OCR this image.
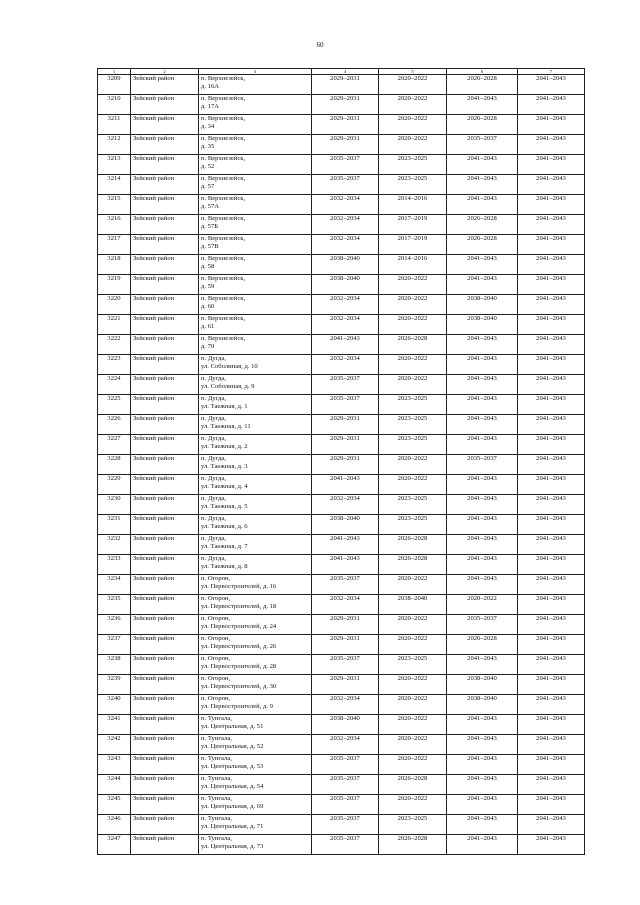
60
1	2	3	4	5	6	7
3209	Зейский район	п. Верхнезейск,
д. 16А	2029–2031	2020–2022	2026–2028	2041–2043
3210	Зейский район	п. Верхнезейск,
д. 17А	2029–2031	2020–2022	2041–2043	2041–2043
3211	Зейский район	п. Верхнезейск,
д. 34	2029–2031	2020–2022	2026–2028	2041–2043
3212	Зейский район	п. Верхнезейск,
д. 35	2029–2031	2020–2022	2035–2037	2041–2043
3213	Зейский район	п. Верхнезейск,
д. 52	2035–2037	2023–2025	2041–2043	2041–2043
3214	Зейский район	п. Верхнезейск,
д. 57	2035–2037	2023–2025	2041–2043	2041–2043
3215	Зейский район	п. Верхнезейск,
д. 57А	2032–2034	2014–2016	2041–2043	2041–2043
3216	Зейский район	п. Верхнезейск,
д. 57Б	2032–2034	2017–2019	2026–2028	2041–2043
3217	Зейский район	п. Верхнезейск,
д. 57В	2032–2034	2017–2019	2026–2028	2041–2043
3218	Зейский район	п. Верхнезейск,
д. 58	2038–2040	2014–2016	2041–2043	2041–2043
3219	Зейский район	п. Верхнезейск,
д. 59	2038–2040	2020–2022	2041–2043	2041–2043
3220	Зейский район	п. Верхнезейск,
д. 60	2032–2034	2020–2022	2038–2040	2041–2043
3221	Зейский район	п. Верхнезейск,
д. 61	2032–2034	2020–2022	2038–2040	2041–2043
3222	Зейский район	п. Верхнезейск,
д. 70	2041–2043	2026–2028	2041–2043	2041–2043
3223	Зейский район	п. Дугда,
ул. Соболиная, д. 10	2032–2034	2020–2022	2041–2043	2041–2043
3224	Зейский район	п. Дугда,
ул. Соболиная, д. 9	2035–2037	2020–2022	2041–2043	2041–2043
3225	Зейский район	п. Дугда,
ул. Таежная, д. 1	2035–2037	2023–2025	2041–2043	2041–2043
3226	Зейский район	п. Дугда,
ул. Таежная, д. 11	2029–2031	2023–2025	2041–2043	2041–2043
3227	Зейский район	п. Дугда,
ул. Таежная, д. 2	2029–2031	2023–2025	2041–2043	2041–2043
3228	Зейский район	п. Дугда,
ул. Таежная, д. 3	2029–2031	2020–2022	2035–2037	2041–2043
3229	Зейский район	п. Дугда,
ул. Таежная, д. 4	2041–2043	2020–2022	2041–2043	2041–2043
3230	Зейский район	п. Дугда,
ул. Таежная, д. 5	2032–2034	2023–2025	2041–2043	2041–2043
3231	Зейский район	п. Дугда,
ул. Таежная, д. 6	2038–2040	2023–2025	2041–2043	2041–2043
3232	Зейский район	п. Дугда,
ул. Таежная, д. 7	2041–2043	2026–2028	2041–2043	2041–2043
3233	Зейский район	п. Дугда,
ул. Таежная, д. 8	2041–2043	2026–2028	2041–2043	2041–2043
3234	Зейский район	п. Огорон,
ул. Первостроителей, д. 16	2035–2037	2020–2022	2041–2043	2041–2043
3235	Зейский район	п. Огорон,
ул. Первостроителей, д. 18	2032–2034	2038–2040	2020–2022	2041–2043
3236	Зейский район	п. Огорон,
ул. Первостроителей, д. 24	2029–2031	2020–2022	2035–2037	2041–2043
3237	Зейский район	п. Огорон,
ул. Первостроителей, д. 26	2029–2031	2020–2022	2026–2028	2041–2043
3238	Зейский район	п. Огорон,
ул. Первостроителей, д. 28	2035–2037	2023–2025	2041–2043	2041–2043
3239	Зейский район	п. Огорон,
ул. Первостроителей, д. 30	2029–2031	2020–2022	2038–2040	2041–2043
3240	Зейский район	п. Огорон,
ул. Первостроителей, д. 9	2032–2034	2020–2022	2038–2040	2041–2043
3241	Зейский район	п. Тунгала,
ул. Центральная, д. 51	2038–2040	2020–2022	2041–2043	2041–2043
3242	Зейский район	п. Тунгала,
ул. Центральная, д. 52	2032–2034	2020–2022	2041–2043	2041–2043
3243	Зейский район	п. Тунгала,
ул. Центральная, д. 53	2035–2037	2020–2022	2041–2043	2041–2043
3244	Зейский район	п. Тунгала,
ул. Центральная, д. 54	2035–2037	2026–2028	2041–2043	2041–2043
3245	Зейский район	п. Тунгала,
ул. Центральная, д. 69	2035–2037	2020–2022	2041–2043	2041–2043
3246	Зейский район	п. Тунгала,
ул. Центральная, д. 71	2035–2037	2023–2025	2041–2043	2041–2043
3247	Зейский район	п. Тунгала,
ул. Центральная, д. 73	2035–2037	2026–2028	2041–2043	2041–2043
